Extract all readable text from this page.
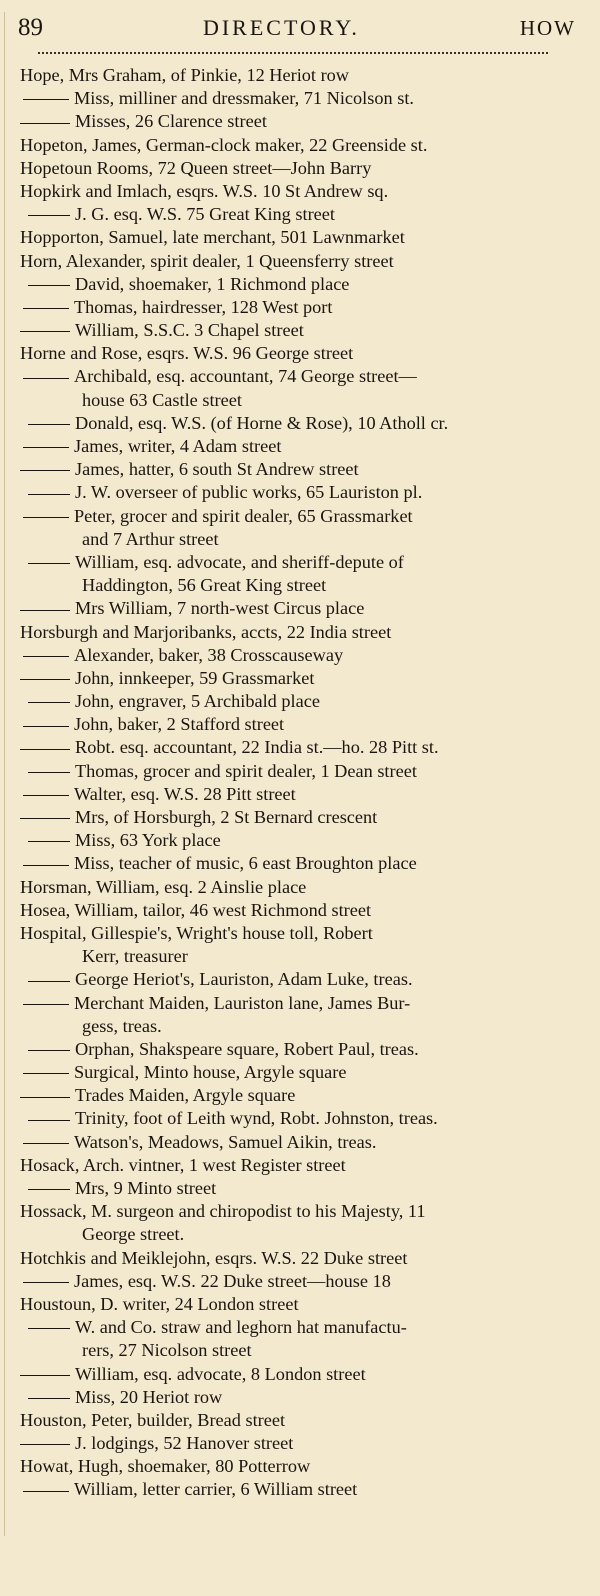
89	DIRECTORY.	HOW
Hope, Mrs Graham, of Pinkie, 12 Heriot row
Miss, milliner and dressmaker, 71 Nicolson st.
Misses, 26 Clarence street
Hopeton, James, German-clock maker, 22 Greenside st.
Hopetoun Rooms, 72 Queen street—John Barry
Hopkirk and Imlach, esqrs. W.S. 10 St Andrew sq.
J. G. esq. W.S. 75 Great King street
Hopporton, Samuel, late merchant, 501 Lawnmarket
Horn, Alexander, spirit dealer, 1 Queensferry street
David, shoemaker, 1 Richmond place
Thomas, hairdresser, 128 West port
William, S.S.C. 3 Chapel street
Horne and Rose, esqrs. W.S. 96 George street
Archibald, esq. accountant, 74 George street—
house 63 Castle street
Donald, esq. W.S. (of Horne & Rose), 10 Atholl cr.
James, writer, 4 Adam street
James, hatter, 6 south St Andrew street
J. W. overseer of public works, 65 Lauriston pl.
Peter, grocer and spirit dealer, 65 Grassmarket
and 7 Arthur street
William, esq. advocate, and sheriff-depute of
Haddington, 56 Great King street
Mrs William, 7 north-west Circus place
Horsburgh and Marjoribanks, accts, 22 India street
Alexander, baker, 38 Crosscauseway
John, innkeeper, 59 Grassmarket
John, engraver, 5 Archibald place
John, baker, 2 Stafford street
Robt. esq. accountant, 22 India st.—ho. 28 Pitt st.
Thomas, grocer and spirit dealer, 1 Dean street
Walter, esq. W.S. 28 Pitt street
Mrs, of Horsburgh, 2 St Bernard crescent
Miss, 63 York place
Miss, teacher of music, 6 east Broughton place
Horsman, William, esq. 2 Ainslie place
Hosea, William, tailor, 46 west Richmond street
Hospital, Gillespie's, Wright's house toll, Robert
Kerr, treasurer
George Heriot's, Lauriston, Adam Luke, treas.
Merchant Maiden, Lauriston lane, James Bur-
gess, treas.
Orphan, Shakspeare square, Robert Paul, treas.
Surgical, Minto house, Argyle square
Trades Maiden, Argyle square
Trinity, foot of Leith wynd, Robt. Johnston, treas.
Watson's, Meadows, Samuel Aikin, treas.
Hosack, Arch. vintner, 1 west Register street
Mrs, 9 Minto street
Hossack, M. surgeon and chiropodist to his Majesty, 11
George street.
Hotchkis and Meiklejohn, esqrs. W.S. 22 Duke street
James, esq. W.S. 22 Duke street—house 18
Houstoun, D. writer, 24 London street
W. and Co. straw and leghorn hat manufactu-
rers, 27 Nicolson street
William, esq. advocate, 8 London street
Miss, 20 Heriot row
Houston, Peter, builder, Bread street
J. lodgings, 52 Hanover street
Howat, Hugh, shoemaker, 80 Potterrow
William, letter carrier, 6 William street
